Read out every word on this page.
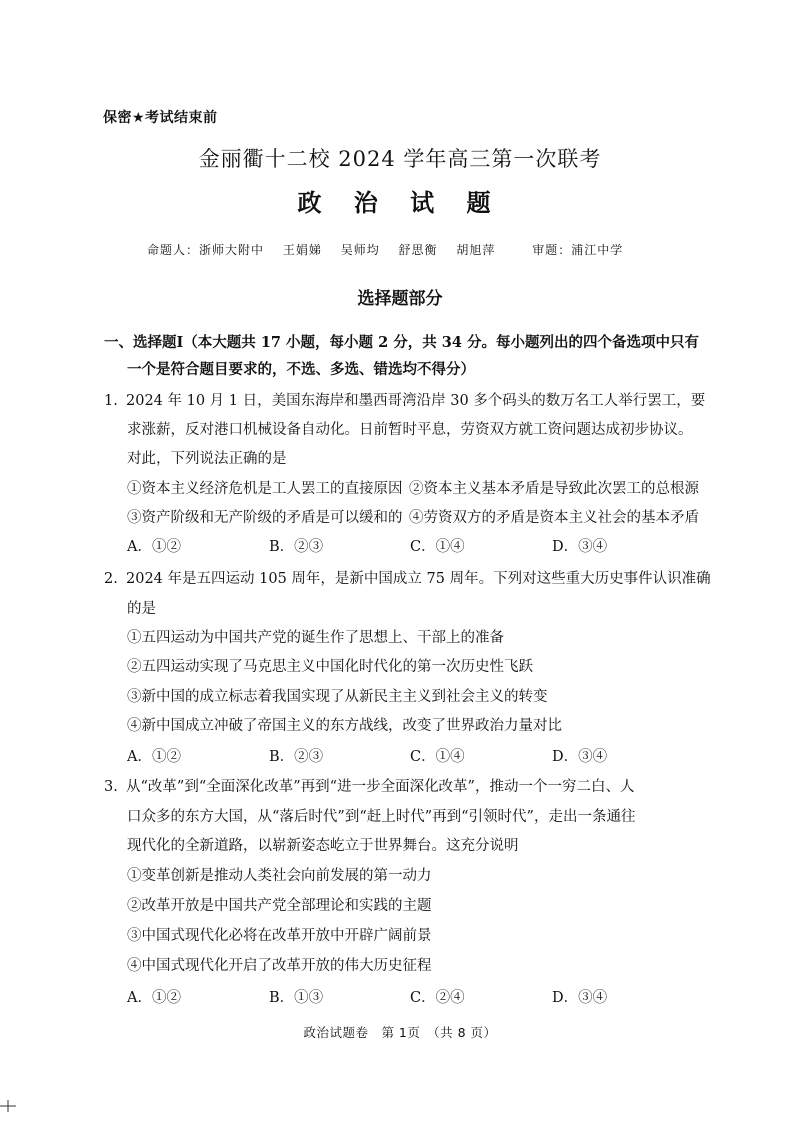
保密★考试结束前
金丽衢十二校 2024 学年高三第一次联考
政 治 试 题
命题人：浙师大附中 王娟娣 吴师均 舒思衡 胡旭萍	审题：浦江中学
选择题部分
一、选择题Ⅰ（本大题共 17 小题，每小题 2 分，共 34 分。每小题列出的四个备选项中只有
一个是符合题目要求的，不选、多选、错选均不得分）
1. 2024 年 10 月 1 日，美国东海岸和墨西哥湾沿岸 30 多个码头的数万名工人举行罢工，要
求涨薪，反对港口机械设备自动化。日前暂时平息，劳资双方就工资问题达成初步协议。
对此，下列说法正确的是
①资本主义经济危机是工人罢工的直接原因 ②资本主义基本矛盾是导致此次罢工的总根源
③资产阶级和无产阶级的矛盾是可以缓和的 ④劳资双方的矛盾是资本主义社会的基本矛盾
A．①②	B．②③	C．①④	D．③④
2. 2024 年是五四运动 105 周年，是新中国成立 75 周年。下列对这些重大历史事件认识准确
的是
①五四运动为中国共产党的诞生作了思想上、干部上的准备
②五四运动实现了马克思主义中国化时代化的第一次历史性飞跃
③新中国的成立标志着我国实现了从新民主主义到社会主义的转变
④新中国成立冲破了帝国主义的东方战线，改变了世界政治力量对比
A．①②	B．②③	C．①④	D．③④
3. 从“改革”到“全面深化改革”再到“进一步全面深化改革”，推动一个一穷二白、人
口众多的东方大国，从“落后时代”到“赶上时代”再到“引领时代”，走出一条通往
现代化的全新道路，以崭新姿态屹立于世界舞台。这充分说明
①变革创新是推动人类社会向前发展的第一动力
②改革开放是中国共产党全部理论和实践的主题
③中国式现代化必将在改革开放中开辟广阔前景
④中国式现代化开启了改革开放的伟大历史征程
A．①②	B．①③	C．②④	D．③④
政治试题卷　第 1页　（共 8 页）
